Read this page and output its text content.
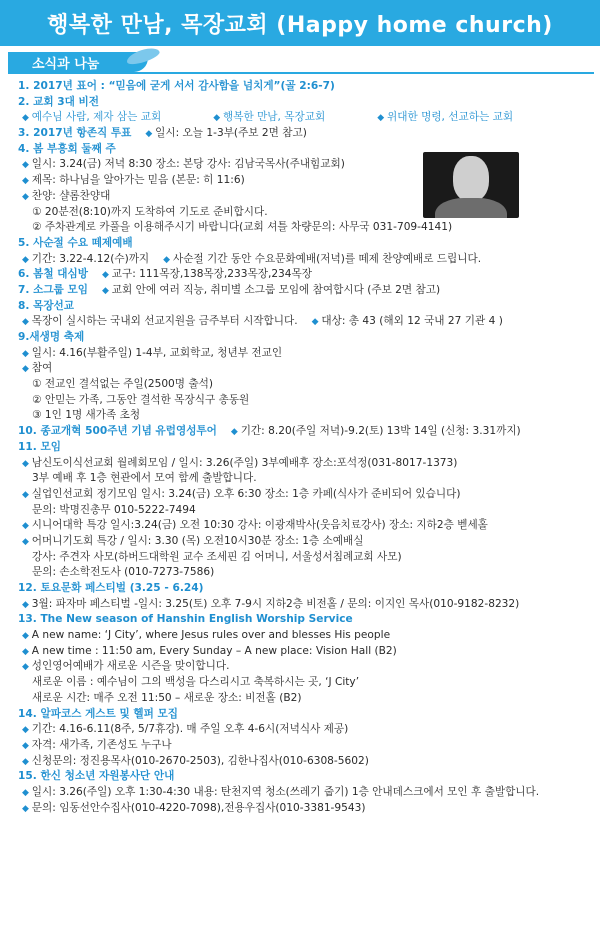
행복한 만남, 목장교회 (Happy home church)
소식과 나눔
1. 2017년 표어 : “믿음에 굳게 서서 감사함을 넘치게”(골 2:6-7)
2. 교회 3대 비전
◆ 예수님 사람, 제자 삼는 교회	◆ 행복한 만남, 목장교회	◆ 위대한 명령, 선교하는 교회
3. 2017년 항존직 투표 ◆ 일시: 오늘 1-3부(주보 2면 참고)
4. 봄 부흥회 둘째 주
◆ 일시: 3.24(금) 저녁 8:30 장소: 본당 강사: 김남국목사(주내힘교회)
◆ 제목: 하나님을 알아가는 믿음 (본문: 히 11:6)
◆ 찬양: 샬롬찬양대
① 20분전(8:10)까지 도착하여 기도로 준비합시다.
② 주차관계로 카풀을 이용해주시기 바랍니다(교회 셔틀 차량문의: 사무국 031-709-4141)
5. 사순절 수요 떼제예배
◆ 기간: 3.22-4.12(수)까지 ◆ 사순절 기간 동안 수요문화예배(저녁)를 떼제 찬양예배로 드립니다.
6. 봄철 대심방 ◆ 교구: 111목장,138목장,233목장,234목장
7. 소그룹 모임 ◆ 교회 안에 여러 직능, 취미별 소그룹 모임에 참여합시다 (주보 2면 참고)
8. 목장선교
◆ 목장이 실시하는 국내외 선교지원을 금주부터 시작합니다. ◆ 대상: 총 43 (해외 12 국내 27 기관 4 )
9.새생명 축제
◆ 일시: 4.16(부활주일) 1-4부, 교회학교, 청년부 전교인
◆ 참여
① 전교인 결석없는 주일(2500명 출석)
② 안믿는 가족, 그동안 결석한 목장식구 총동원
③ 1인 1명 새가족 초청
10. 종교개혁 500주년 기념 유럽영성투어 ◆ 기간: 8.20(주일 저녁)-9.2(토) 13박 14일 (신청: 3.31까지)
11. 모임
◆ 남신도이식선교회 월례회모임 / 일시: 3.26(주일) 3부예배후 장소:포석정(031-8017-1373)
3부 예배 후 1층 현관에서 모여 함께 출발합니다.
◆ 실업인선교회 정기모임 일시: 3.24(금) 오후 6:30 장소: 1층 카페(식사가 준비되어 있습니다)
문의: 박명진총무 010-5222-7494
◆ 시니어대학 특강 일시:3.24(금) 오전 10:30 강사: 이광재박사(웃음치료강사) 장소: 지하2층 벧세홀
◆ 어머니기도회 특강 / 일시: 3.30 (목) 오전10시30분 장소: 1층 소예배실
강사: 주견자 사모(하버드대학원 교수 조세핀 김 어머니, 서울성서침례교회 사모)
문의: 손소학전도사 (010-7273-7586)
12. 토요문화 페스티벌 (3.25 - 6.24)
◆ 3월: 파자마 페스티벌 -일시: 3.25(토) 오후 7-9시 지하2층 비전홀 / 문의: 이지인 목사(010-9182-8232)
13. The New season of Hanshin English Worship Service
◆ A new name: ‘J City’, where Jesus rules over and blesses His people
◆ A new time : 11:50 am, Every Sunday – A new place: Vision Hall (B2)
◆ 성인영어예배가 새로운 시즌을 맞이합니다.
새로운 이름 : 예수님이 그의 백성을 다스리시고 축복하시는 곳, ‘J City’
새로운 시간: 매주 오전 11:50 – 새로운 장소: 비전홀 (B2)
14. 알파코스 게스트 및 헬퍼 모집
◆ 기간: 4.16-6.11(8주, 5/7휴강). 매 주일 오후 4-6시(저녁식사 제공)
◆ 자격: 새가족, 기존성도 누구나
◆ 신청문의: 정진용목사(010-2670-2503), 김한나집사(010-6308-5602)
15. 한신 청소년 자원봉사단 안내
◆ 일시: 3.26(주일) 오후 1:30-4:30 내용: 탄천지역 청소(쓰레기 줍기) 1층 안내데스크에서 모인 후 출발합니다.
◆ 문의: 임동선안수집사(010-4220-7098),전용우집사(010-3381-9543)
